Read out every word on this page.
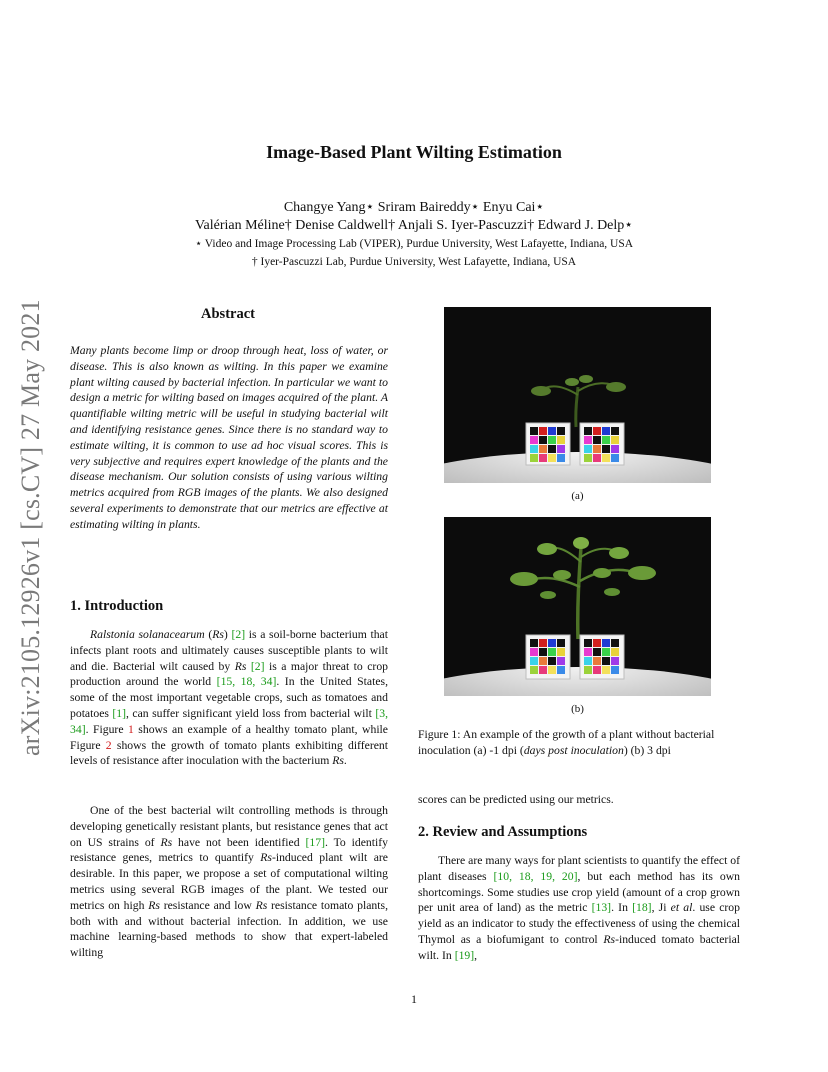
arXiv:2105.12926v1 [cs.CV] 27 May 2021
Image-Based Plant Wilting Estimation
Changye Yang⋆ Sriram Baireddy⋆ Enyu Cai⋆
Valérian Méline† Denise Caldwell† Anjali S. Iyer-Pascuzzi† Edward J. Delp⋆
⋆ Video and Image Processing Lab (VIPER), Purdue University, West Lafayette, Indiana, USA
† Iyer-Pascuzzi Lab, Purdue University, West Lafayette, Indiana, USA
Abstract
Many plants become limp or droop through heat, loss of water, or disease. This is also known as wilting. In this paper we examine plant wilting caused by bacterial infection. In particular we want to design a metric for wilting based on images acquired of the plant. A quantifiable wilting metric will be useful in studying bacterial wilt and identifying resistance genes. Since there is no standard way to estimate wilting, it is common to use ad hoc visual scores. This is very subjective and requires expert knowledge of the plants and the disease mechanism. Our solution consists of using various wilting metrics acquired from RGB images of the plants. We also designed several experiments to demonstrate that our metrics are effective at estimating wilting in plants.
1. Introduction
Ralstonia solanacearum (Rs) [2] is a soil-borne bacterium that infects plant roots and ultimately causes susceptible plants to wilt and die. Bacterial wilt caused by Rs [2] is a major threat to crop production around the world [15, 18, 34]. In the United States, some of the most important vegetable crops, such as tomatoes and potatoes [1], can suffer significant yield loss from bacterial wilt [3, 34]. Figure 1 shows an example of a healthy tomato plant, while Figure 2 shows the growth of tomato plants exhibiting different levels of resistance after inoculation with the bacterium Rs.
One of the best bacterial wilt controlling methods is through developing genetically resistant plants, but resistance genes that act on US strains of Rs have not been identified [17]. To identify resistance genes, metrics to quantify Rs-induced plant wilt are desirable. In this paper, we propose a set of computational wilting metrics using several RGB images of the plant. We tested our metrics on high Rs resistance and low Rs resistance tomato plants, both with and without bacterial infection. In addition, we use machine learning-based methods to show that expert-labeled wilting
(a)
(b)
Figure 1: An example of the growth of a plant without bacterial inoculation (a) -1 dpi (days post inoculation) (b) 3 dpi
scores can be predicted using our metrics.
2. Review and Assumptions
There are many ways for plant scientists to quantify the effect of plant diseases [10, 18, 19, 20], but each method has its own shortcomings. Some studies use crop yield (amount of a crop grown per unit area of land) as the metric [13]. In [18], Ji et al. use crop yield as an indicator to study the effectiveness of using the chemical Thymol as a biofumigant to control Rs-induced tomato bacterial wilt. In [19],
1
